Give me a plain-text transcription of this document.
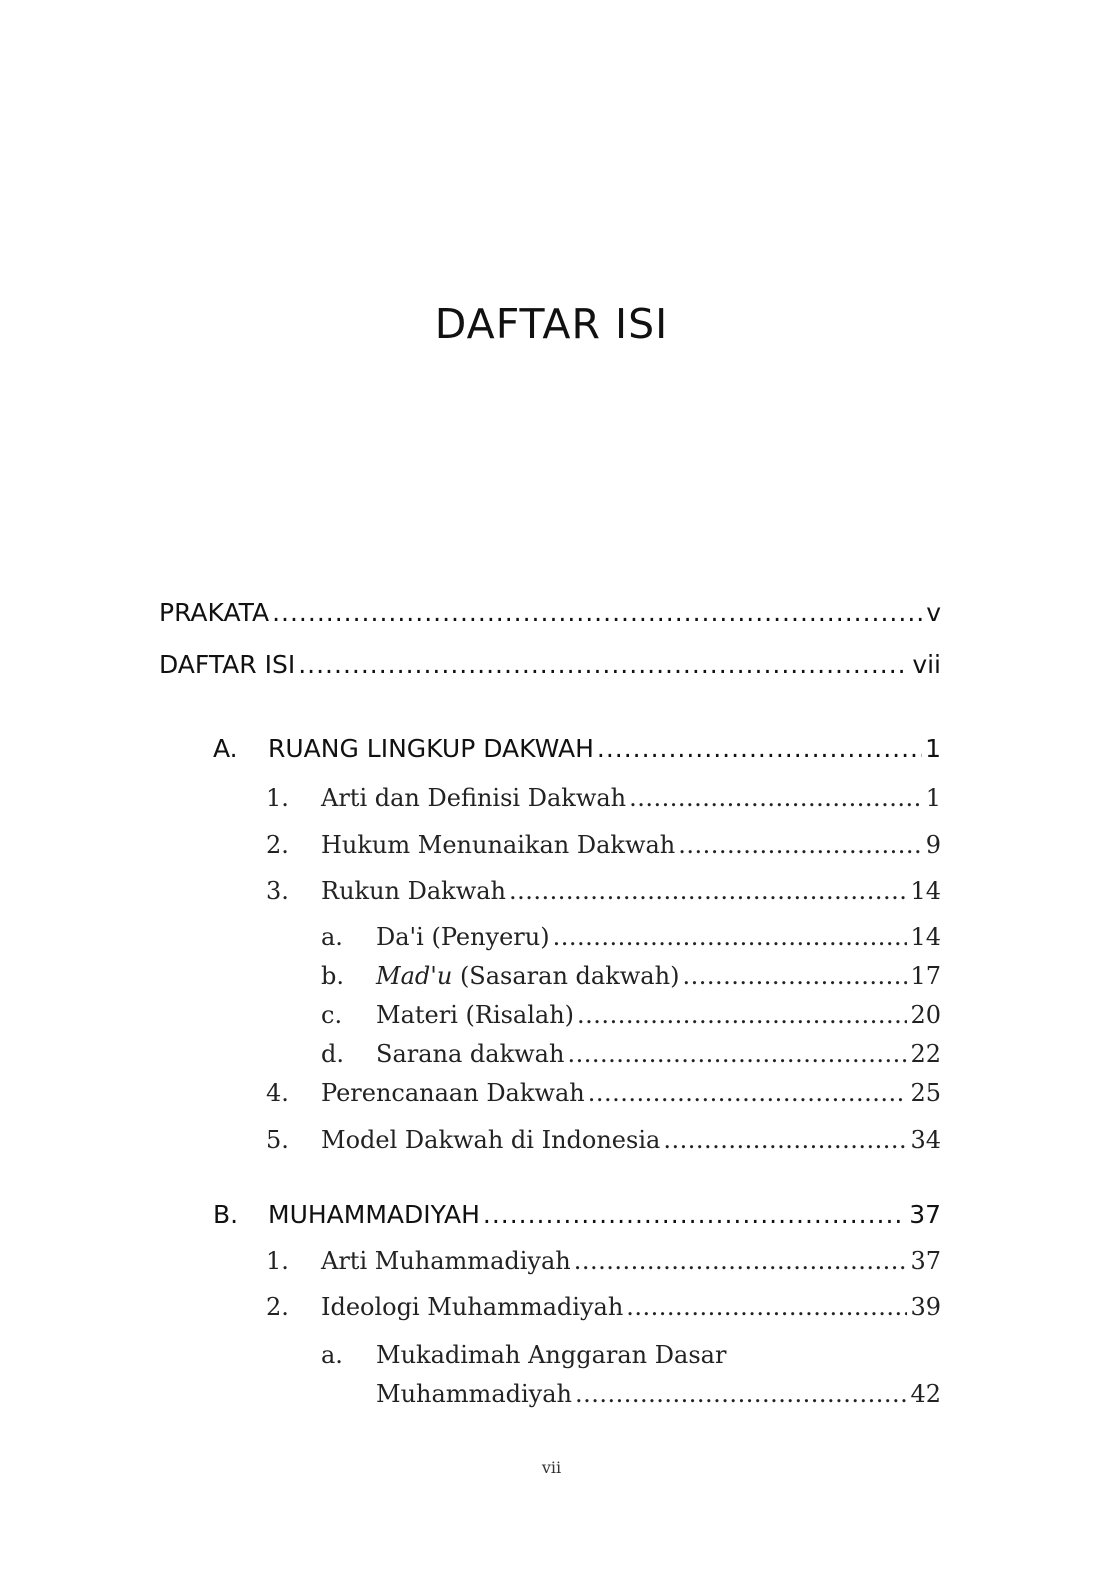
DAFTAR ISI
PRAKATA .....	v
DAFTAR ISI .....	vii
A.	RUANG LINGKUP DAKWAH .....	1
1.	Arti dan Definisi Dakwah .....	1
2.	Hukum Menunaikan Dakwah .....	9
3.	Rukun Dakwah .....	14
a.	Da'i (Penyeru) .....	14
b.	Mad'u (Sasaran dakwah) .....	17
c.	Materi (Risalah) .....	20
d.	Sarana dakwah .....	22
4.	Perencanaan Dakwah .....	25
5.	Model Dakwah di Indonesia .....	34
B.	MUHAMMADIYAH .....	37
1.	Arti Muhammadiyah .....	37
2.	Ideologi Muhammadiyah .....	39
a.	Mukadimah Anggaran Dasar
Muhammadiyah .....	42
vii
